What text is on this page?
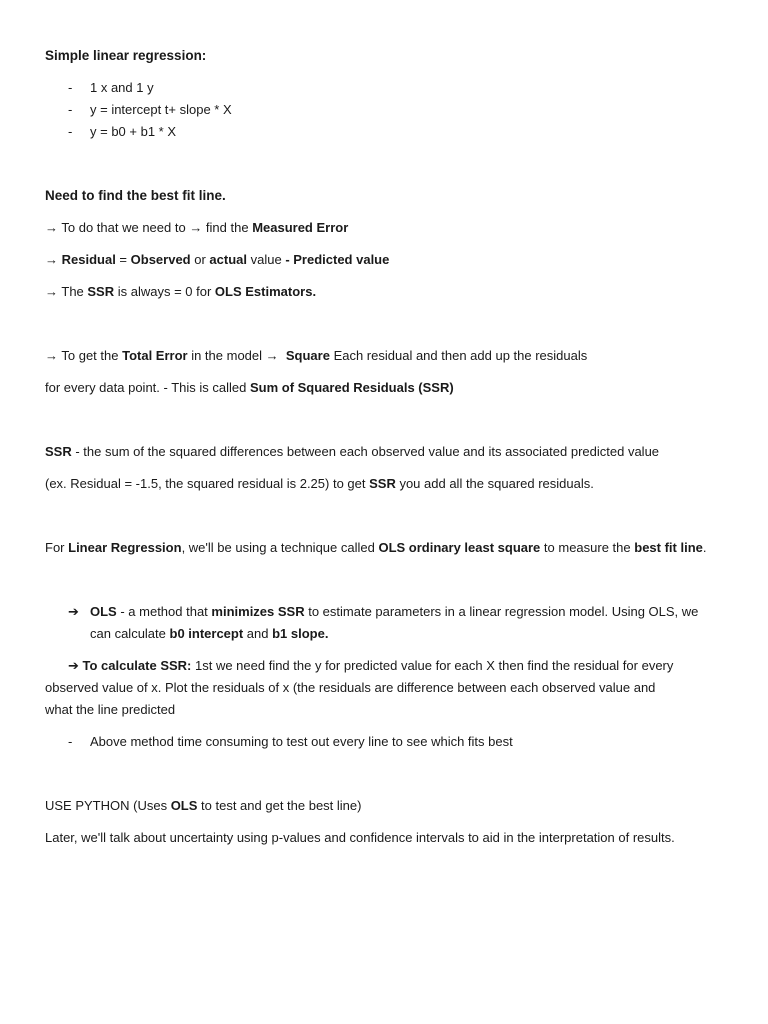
Simple linear regression:
- 1 x and 1 y
- y = intercept t+ slope * X
- y = b0 + b1 * X
Need to find the best fit line.
→ To do that we need to → find the Measured Error
→ Residual = Observed or actual value - Predicted value
→ The SSR is always = 0 for OLS Estimators.
→ To get the Total Error in the model → Square Each residual and then add up the residuals
for every data point. - This is called Sum of Squared Residuals (SSR)
SSR - the sum of the squared differences between each observed value and its associated predicted value
(ex. Residual = -1.5, the squared residual is 2.25) to get SSR you add all the squared residuals.
For Linear Regression, we'll be using a technique called OLS ordinary least square to measure the best fit line.
➔ OLS - a method that minimizes SSR to estimate parameters in a linear regression model. Using OLS, we
can calculate b0 intercept and b1 slope.
➔ To calculate SSR: 1st we need find the y for predicted value for each X then find the residual for every
observed value of x. Plot the residuals of x (the residuals are difference between each observed value and
what the line predicted
- Above method time consuming to test out every line to see which fits best
USE PYTHON (Uses OLS to test and get the best line)
Later, we'll talk about uncertainty using p-values and confidence intervals to aid in the interpretation of results.
